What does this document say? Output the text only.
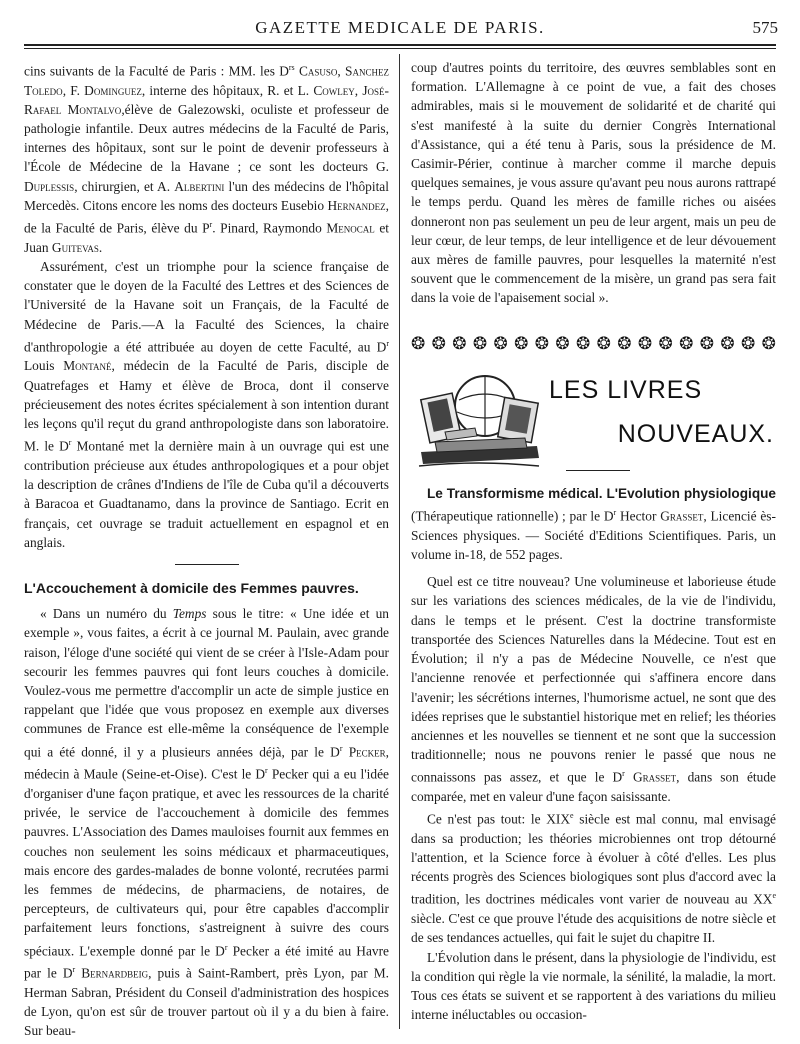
GAZETTE MEDICALE DE PARIS.	575

cins suivants de la Faculté de Paris : MM. les $D^{rs}$ Casuso, Sanchez Toledo, F. Dominguez, interne des hôpitaux, R. et L. Cowley, José-Rafael Montalvo,élève de Galezowski, oculiste et professeur de pathologie infantile. Deux autres médecins de la Faculté de Paris, internes des hôpitaux, sont sur le point de devenir professeurs à l'École de Médecine de la Havane ; ce sont les docteurs G. Duplessis, chirurgien, et A. Albertini l'un des médecins de l'hôpital Mercedès. Citons encore les noms des docteurs Eusebio Hernandez, de la Faculté de Paris, élève du $P^r$. Pinard, Raymondo Menocal et Juan Guitevas.

Assurément, c'est un triomphe pour la science française de constater que le doyen de la Faculté des Lettres et des Sciences de l'Université de la Havane soit un Français, de la Faculté de Médecine de Paris.—A la Faculté des Sciences, la chaire d'anthropologie a été attribuée au doyen de cette Faculté, au $D^r$ Louis Montané, médecin de la Faculté de Paris, disciple de Quatrefages et Hamy et élève de Broca, dont il conserve précieusement des notes écrites spécialement à son intention durant les leçons qu'il reçut du grand anthropologiste dans son laboratoire. M. le $D^r$ Montané met la dernière main à un ouvrage qui est une contribution précieuse aux études anthropologiques et a pour objet la description de crânes d'Indiens de l'île de Cuba qu'il a découverts à Baracoa et Guadtanamo, dans la province de Santiago. Ecrit en français, cet ouvrage se traduit actuellement en espagnol et en anglais.

L'Accouchement à domicile des Femmes pauvres.

« Dans un numéro du Temps sous le titre: « Une idée et un exemple », vous faites, a écrit à ce journal M. Paulain, avec grande raison, l'éloge d'une société qui vient de se créer à l'Isle-Adam pour secourir les femmes pauvres qui font leurs couches à domicile. Voulez-vous me permettre d'accomplir un acte de simple justice en rappelant que l'idée que vous proposez en exemple aux diverses communes de France est elle-même la conséquence de l'exemple qui a été donné, il y a plusieurs années déjà, par le $D^r$ Pecker, médecin à Maule (Seine-et-Oise). C'est le $D^r$ Pecker qui a eu l'idée d'organiser d'une façon pratique, et avec les ressources de la charité privée, le service de l'accouchement à domicile des femmes pauvres. L'Association des Dames mauloises fournit aux femmes en couches non seulement les soins médicaux et pharmaceutiques, mais encore des gardes-malades de bonne volonté, recrutées parmi les femmes de médecins, de pharmaciens, de notaires, de percepteurs, de cultivateurs qui, pour être capables d'accomplir parfaitement leurs fonctions, s'astreignent à suivre des cours spéciaux. L'exemple donné par le $D^r$ Pecker a été imité au Havre par le $D^r$ Bernardbeig, puis à Saint-Rambert, près Lyon, par M. Herman Sabran, Président du Conseil d'administration des hospices de Lyon, qu'on est sûr de trouver partout où il y a du bien à faire. Sur beau-

coup d'autres points du territoire, des œuvres semblables sont en formation. L'Allemagne à ce point de vue, a fait des choses admirables, mais si le mouvement de solidarité et de charité qui s'est manifesté à la suite du dernier Congrès International d'Assistance, qui a été tenu à Paris, sous la présidence de M. Casimir-Périer, continue à marcher comme il marche depuis quelques semaines, je vous assure qu'avant peu nous aurons rattrapé le temps perdu. Quand les mères de famille riches ou aisées donneront non pas seulement un peu de leur argent, mais un peu de leur cœur, de leur temps, de leur intelligence et de leur dévouement aux mères de famille pauvres, pour lesquelles la maternité n'est souvent que le commencement de la misère, un grand pas sera fait dans la voie de l'apaisement social ».

❂ ❂ ❂ ❂ ❂ ❂ ❂ ❂ ❂ ❂ ❂ ❂ ❂ ❂ ❂ ❂ ❂ ❂
LES LIVRES
NOUVEAUX.

Le Transformisme médical. L'Evolution physiologique (Thérapeutique rationnelle) ; par le $D^r$ Hector Grasset, Licencié ès-Sciences physiques. — Société d'Editions Scientifiques. Paris, un volume in-18, de 552 pages.

Quel est ce titre nouveau? Une volumineuse et laborieuse étude sur les variations des sciences médicales, de la vie de l'individu, dans le temps et le présent. C'est la doctrine transformiste transportée des Sciences Naturelles dans la Médecine. Tout est en Évolution; il n'y a pas de Médecine Nouvelle, ce n'est que l'ancienne renovée et perfectionnée qui s'affinera encore dans l'avenir; les sécrétions internes, l'humorisme actuel, ne sont que des idées reprises que le substantiel historique met en relief; les théories anciennes et les nouvelles se tiennent et ne sont que la succession traditionnelle; nous ne pouvons renier le passé que nous ne connaissons pas assez, et que le $D^r$ Grasset, dans son étude comparée, met en valeur d'une façon saisissante.

Ce n'est pas tout: le XIXe siècle est mal connu, mal envisagé dans sa production; les théories microbiennes ont trop détourné l'attention, et la Science force à évoluer à côté d'elles. Les plus récents progrès des Sciences biologiques sont plus d'accord avec la tradition, les doctrines médicales vont varier de nouveau au XXe siècle. C'est ce que prouve l'étude des acquisitions de notre siècle et de ses tendances actuelles, qui fait le sujet du chapitre II.

L'Évolution dans le présent, dans la physiologie de l'individu, est la condition qui règle la vie normale, la sénilité, la maladie, la mort. Tous ces états se suivent et se rapportent à des variations du milieu interne inéluctables ou occasion-
